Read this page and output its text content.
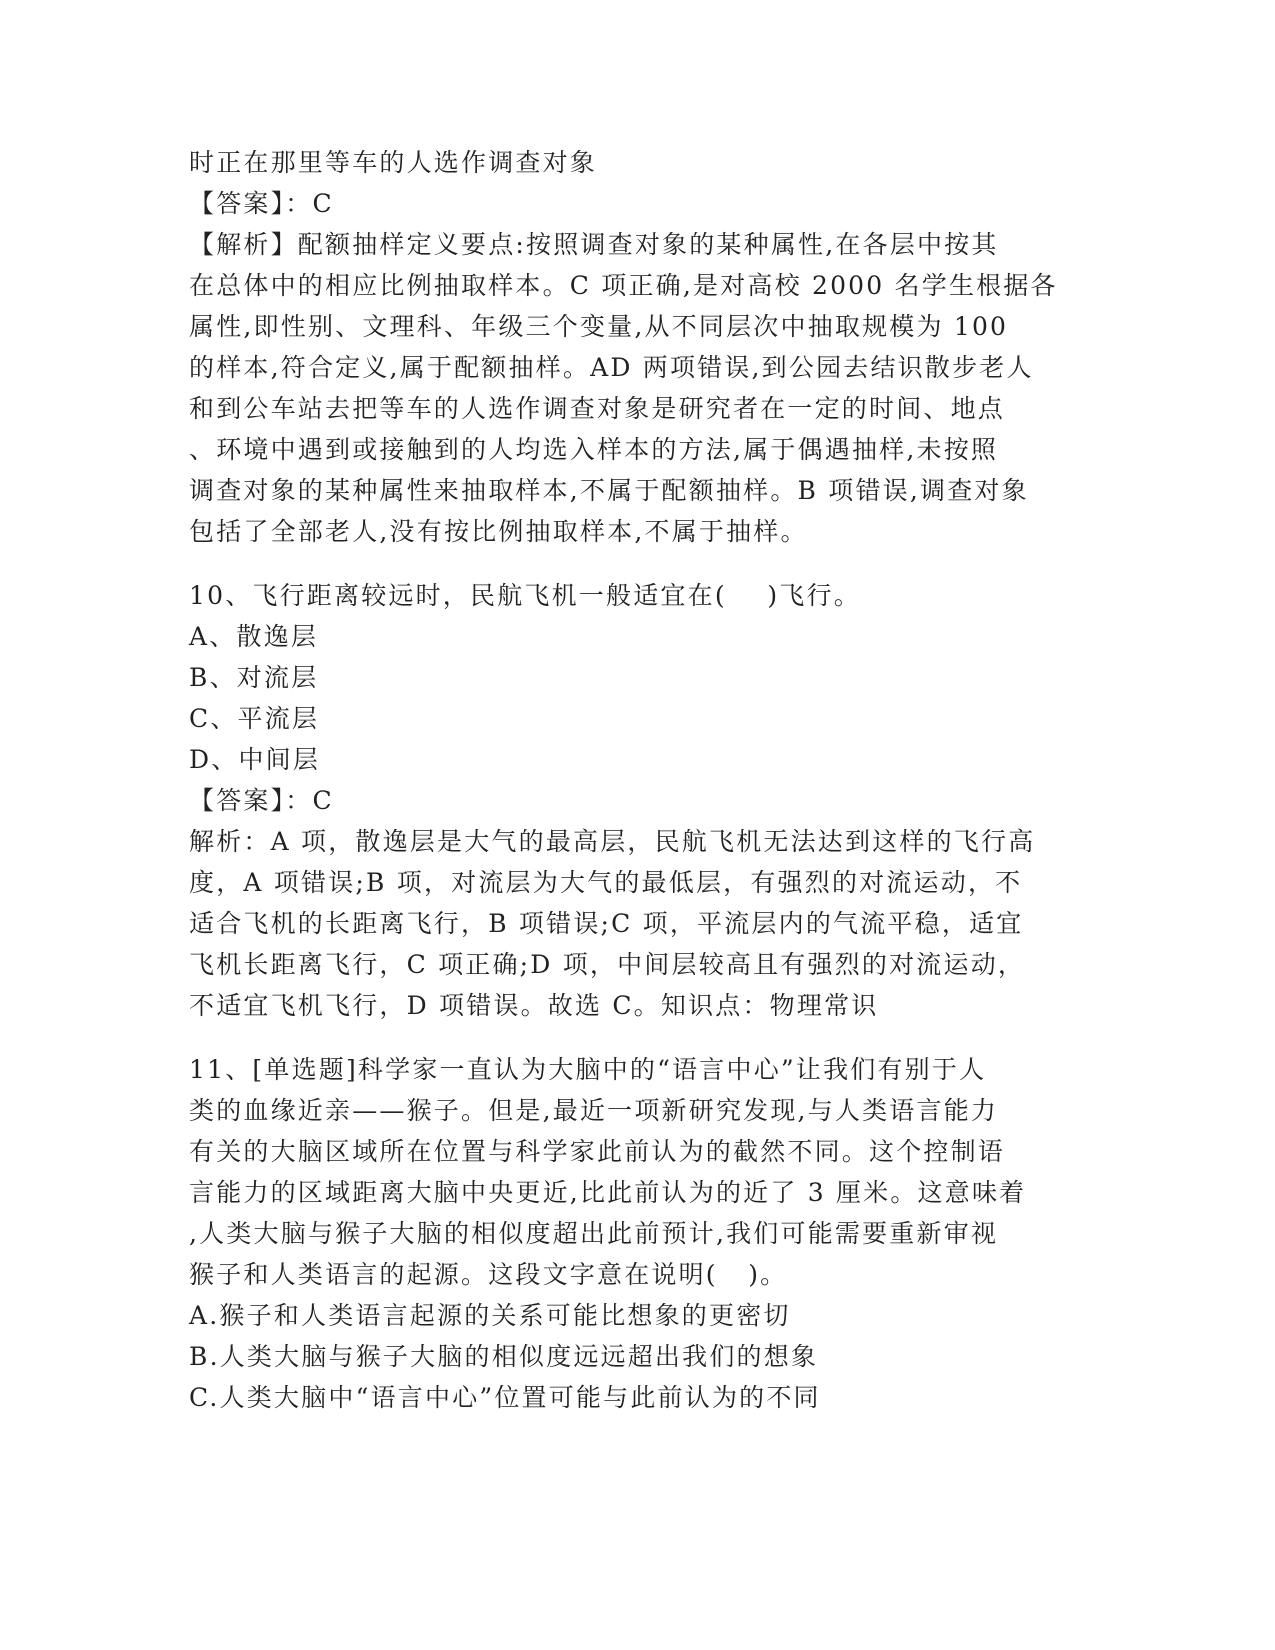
时正在那里等车的人选作调查对象
【答案】：C
【解析】配额抽样定义要点:按照调查对象的某种属性,在各层中按其
在总体中的相应比例抽取样本。C 项正确,是对高校 2000 名学生根据各
属性,即性别、文理科、年级三个变量,从不同层次中抽取规模为 100
的样本,符合定义,属于配额抽样。AD 两项错误,到公园去结识散步老人
和到公车站去把等车的人选作调查对象是研究者在一定的时间、地点
、环境中遇到或接触到的人均选入样本的方法,属于偶遇抽样,未按照
调查对象的某种属性来抽取样本,不属于配额抽样。B 项错误,调查对象
包括了全部老人,没有按比例抽取样本,不属于抽样。
10、飞行距离较远时，民航飞机一般适宜在(    )飞行。
A、散逸层
B、对流层
C、平流层
D、中间层
【答案】：C
解析：A 项，散逸层是大气的最高层，民航飞机无法达到这样的飞行高
度，A 项错误;B 项，对流层为大气的最低层，有强烈的对流运动，不
适合飞机的长距离飞行，B 项错误;C 项，平流层内的气流平稳，适宜
飞机长距离飞行，C 项正确;D 项，中间层较高且有强烈的对流运动，
不适宜飞机飞行，D 项错误。故选 C。知识点：物理常识
11、[单选题]科学家一直认为大脑中的“语言中心”让我们有别于人
类的血缘近亲——猴子。但是,最近一项新研究发现,与人类语言能力
有关的大脑区域所在位置与科学家此前认为的截然不同。这个控制语
言能力的区域距离大脑中央更近,比此前认为的近了 3 厘米。这意味着
,人类大脑与猴子大脑的相似度超出此前预计,我们可能需要重新审视
猴子和人类语言的起源。这段文字意在说明(   )。
A.猴子和人类语言起源的关系可能比想象的更密切
B.人类大脑与猴子大脑的相似度远远超出我们的想象
C.人类大脑中“语言中心”位置可能与此前认为的不同
